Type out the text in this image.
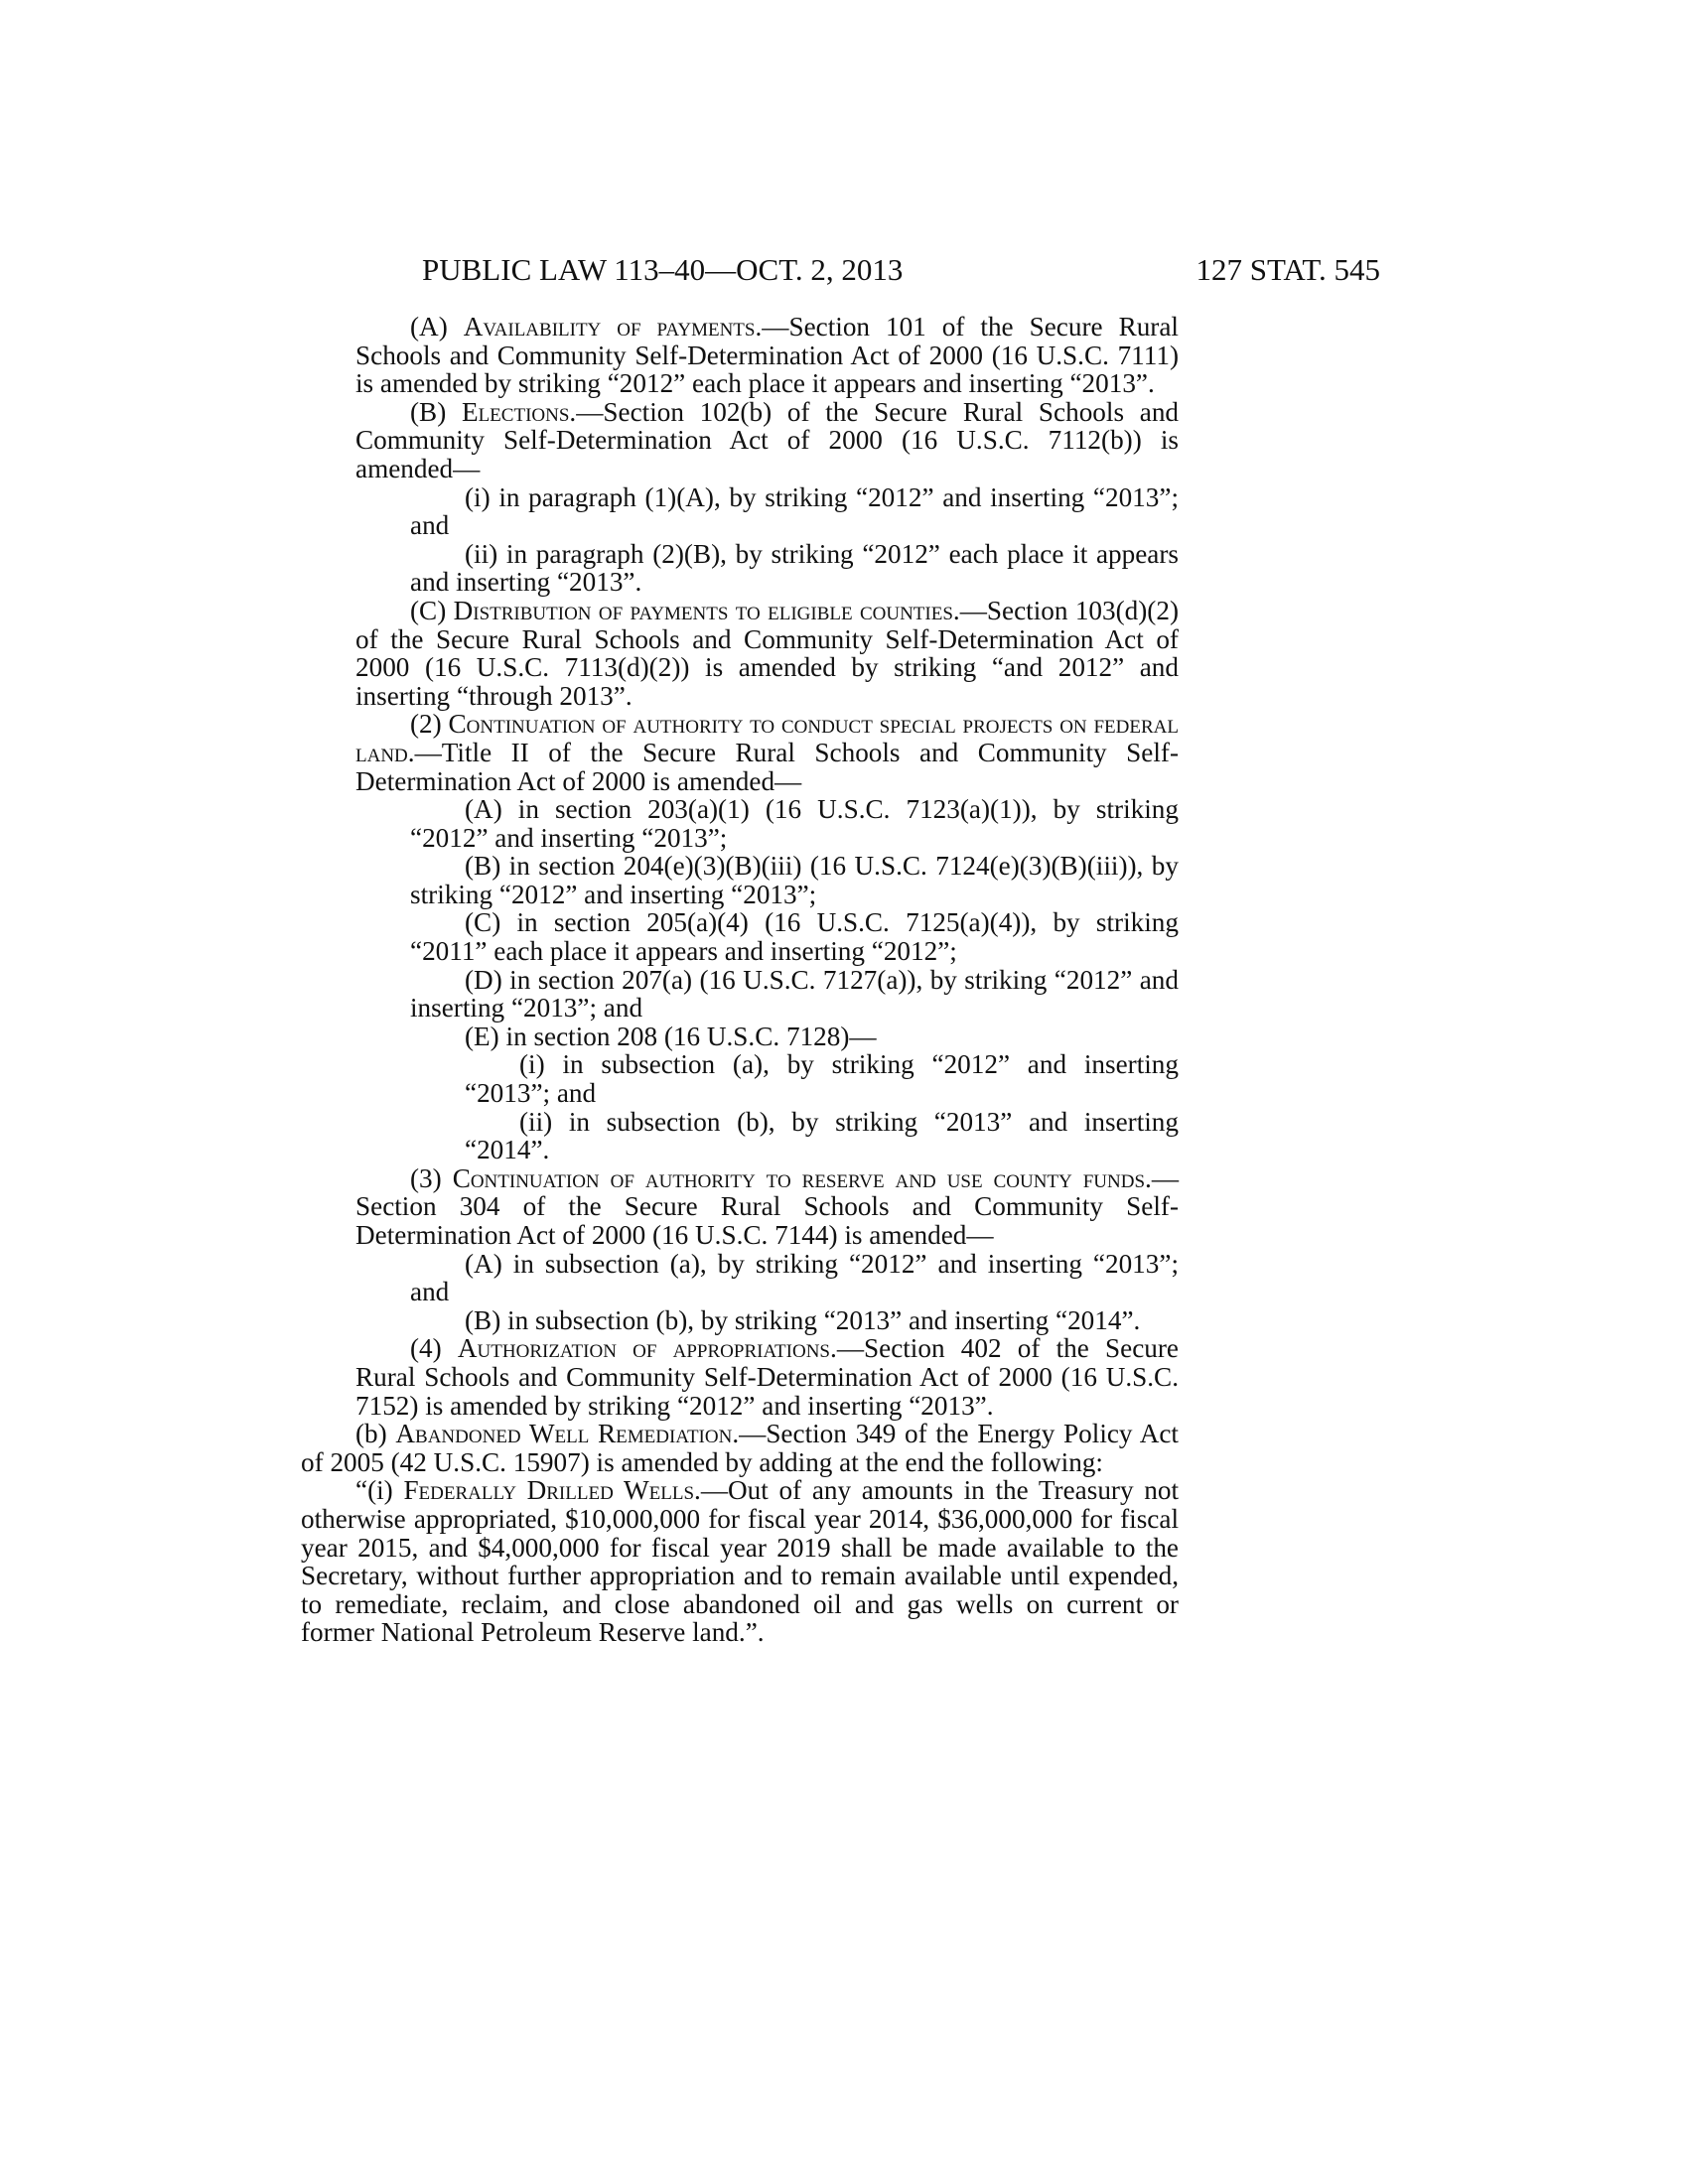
PUBLIC LAW 113–40—OCT. 2, 2013	127 STAT. 545

(A) Availability of payments.—Section 101 of the Secure Rural Schools and Community Self-Determination Act of 2000 (16 U.S.C. 7111) is amended by striking “2012” each place it appears and inserting “2013”.

(B) Elections.—Section 102(b) of the Secure Rural Schools and Community Self-Determination Act of 2000 (16 U.S.C. 7112(b)) is amended—

(i) in paragraph (1)(A), by striking “2012” and inserting “2013”; and

(ii) in paragraph (2)(B), by striking “2012” each place it appears and inserting “2013”.

(C) Distribution of payments to eligible counties.—Section 103(d)(2) of the Secure Rural Schools and Community Self-Determination Act of 2000 (16 U.S.C. 7113(d)(2)) is amended by striking “and 2012” and inserting “through 2013”.

(2) Continuation of authority to conduct special projects on federal land.—Title II of the Secure Rural Schools and Community Self-Determination Act of 2000 is amended—

(A) in section 203(a)(1) (16 U.S.C. 7123(a)(1)), by striking “2012” and inserting “2013”;

(B) in section 204(e)(3)(B)(iii) (16 U.S.C. 7124(e)(3)(B)(iii)), by striking “2012” and inserting “2013”;

(C) in section 205(a)(4) (16 U.S.C. 7125(a)(4)), by striking “2011” each place it appears and inserting “2012”;

(D) in section 207(a) (16 U.S.C. 7127(a)), by striking “2012” and inserting “2013”; and

(E) in section 208 (16 U.S.C. 7128)—

(i) in subsection (a), by striking “2012” and inserting “2013”; and

(ii) in subsection (b), by striking “2013” and inserting “2014”.

(3) Continuation of authority to reserve and use county funds.—Section 304 of the Secure Rural Schools and Community Self-Determination Act of 2000 (16 U.S.C. 7144) is amended—

(A) in subsection (a), by striking “2012” and inserting “2013”; and

(B) in subsection (b), by striking “2013” and inserting “2014”.

(4) Authorization of appropriations.—Section 402 of the Secure Rural Schools and Community Self-Determination Act of 2000 (16 U.S.C. 7152) is amended by striking “2012” and inserting “2013”.

(b) Abandoned Well Remediation.—Section 349 of the Energy Policy Act of 2005 (42 U.S.C. 15907) is amended by adding at the end the following:

“(i) Federally Drilled Wells.—Out of any amounts in the Treasury not otherwise appropriated, $10,000,000 for fiscal year 2014, $36,000,000 for fiscal year 2015, and $4,000,000 for fiscal year 2019 shall be made available to the Secretary, without further appropriation and to remain available until expended, to remediate, reclaim, and close abandoned oil and gas wells on current or former National Petroleum Reserve land.”.
